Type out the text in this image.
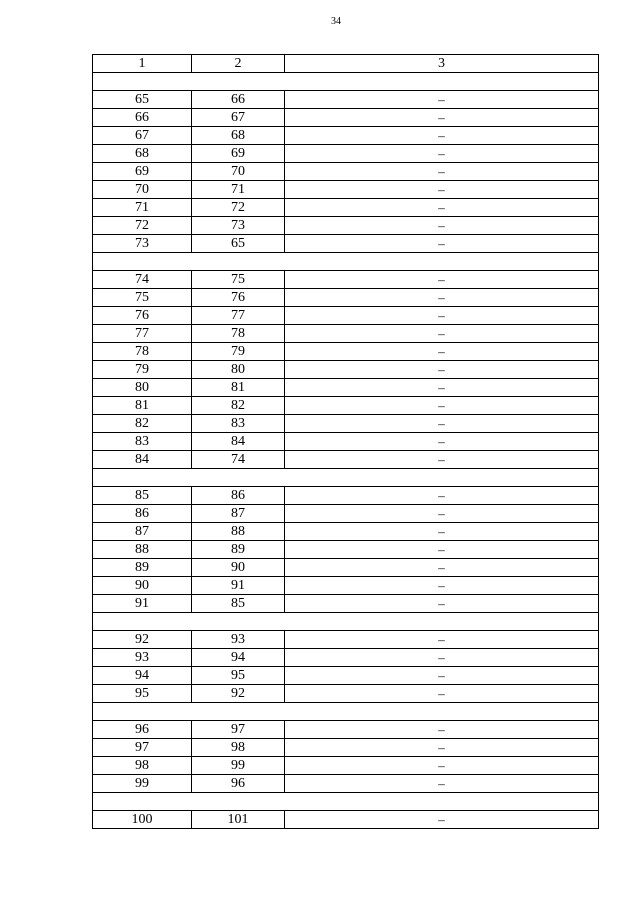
34
1	2	3

65	66	–
66	67	–
67	68	–
68	69	–
69	70	–
70	71	–
71	72	–
72	73	–
73	65	–

74	75	–
75	76	–
76	77	–
77	78	–
78	79	–
79	80	–
80	81	–
81	82	–
82	83	–
83	84	–
84	74	–

85	86	–
86	87	–
87	88	–
88	89	–
89	90	–
90	91	–
91	85	–

92	93	–
93	94	–
94	95	–
95	92	–

96	97	–
97	98	–
98	99	–
99	96	–

100	101	–
